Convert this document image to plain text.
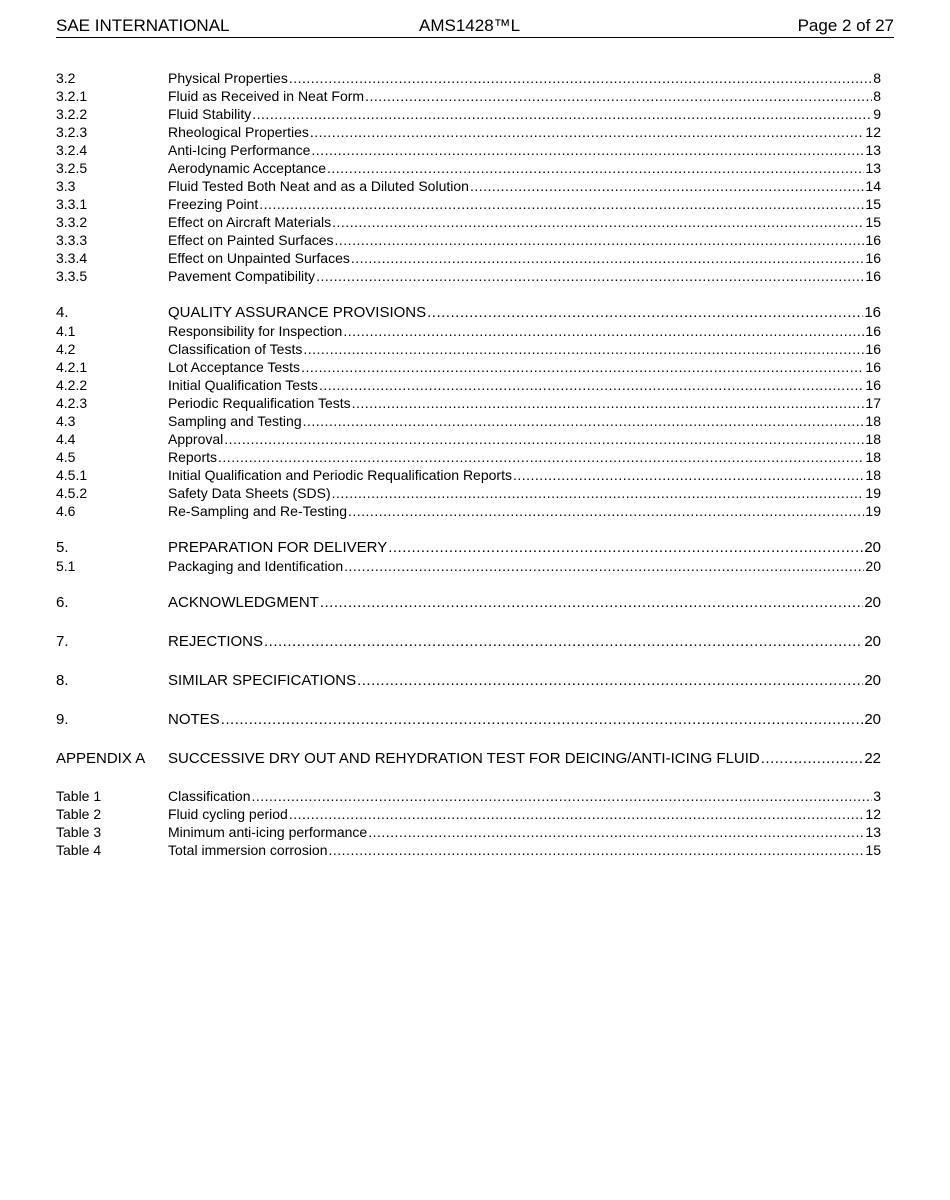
SAE INTERNATIONAL	AMS1428™L	Page 2 of 27
3.2	Physical Properties .....	8
3.2.1	Fluid as Received in Neat Form .....	8
3.2.2	Fluid Stability .....	9
3.2.3	Rheological Properties .....	12
3.2.4	Anti-Icing Performance .....	13
3.2.5	Aerodynamic Acceptance .....	13
3.3	Fluid Tested Both Neat and as a Diluted Solution .....	14
3.3.1	Freezing Point .....	15
3.3.2	Effect on Aircraft Materials .....	15
3.3.3	Effect on Painted Surfaces .....	16
3.3.4	Effect on Unpainted Surfaces .....	16
3.3.5	Pavement Compatibility .....	16
4.	QUALITY ASSURANCE PROVISIONS .....	16
4.1	Responsibility for Inspection .....	16
4.2	Classification of Tests .....	16
4.2.1	Lot Acceptance Tests .....	16
4.2.2	Initial Qualification Tests .....	16
4.2.3	Periodic Requalification Tests .....	17
4.3	Sampling and Testing .....	18
4.4	Approval .....	18
4.5	Reports .....	18
4.5.1	Initial Qualification and Periodic Requalification Reports .....	18
4.5.2	Safety Data Sheets (SDS) .....	19
4.6	Re-Sampling and Re-Testing .....	19
5.	PREPARATION FOR DELIVERY .....	20
5.1	Packaging and Identification .....	20
6.	ACKNOWLEDGMENT .....	20
7.	REJECTIONS .....	20
8.	SIMILAR SPECIFICATIONS .....	20
9.	NOTES .....	20
APPENDIX A	SUCCESSIVE DRY OUT AND REHYDRATION TEST FOR DEICING/ANTI-ICING FLUID .....	22
Table 1	Classification .....	3
Table 2	Fluid cycling period .....	12
Table 3	Minimum anti-icing performance .....	13
Table 4	Total immersion corrosion .....	15
